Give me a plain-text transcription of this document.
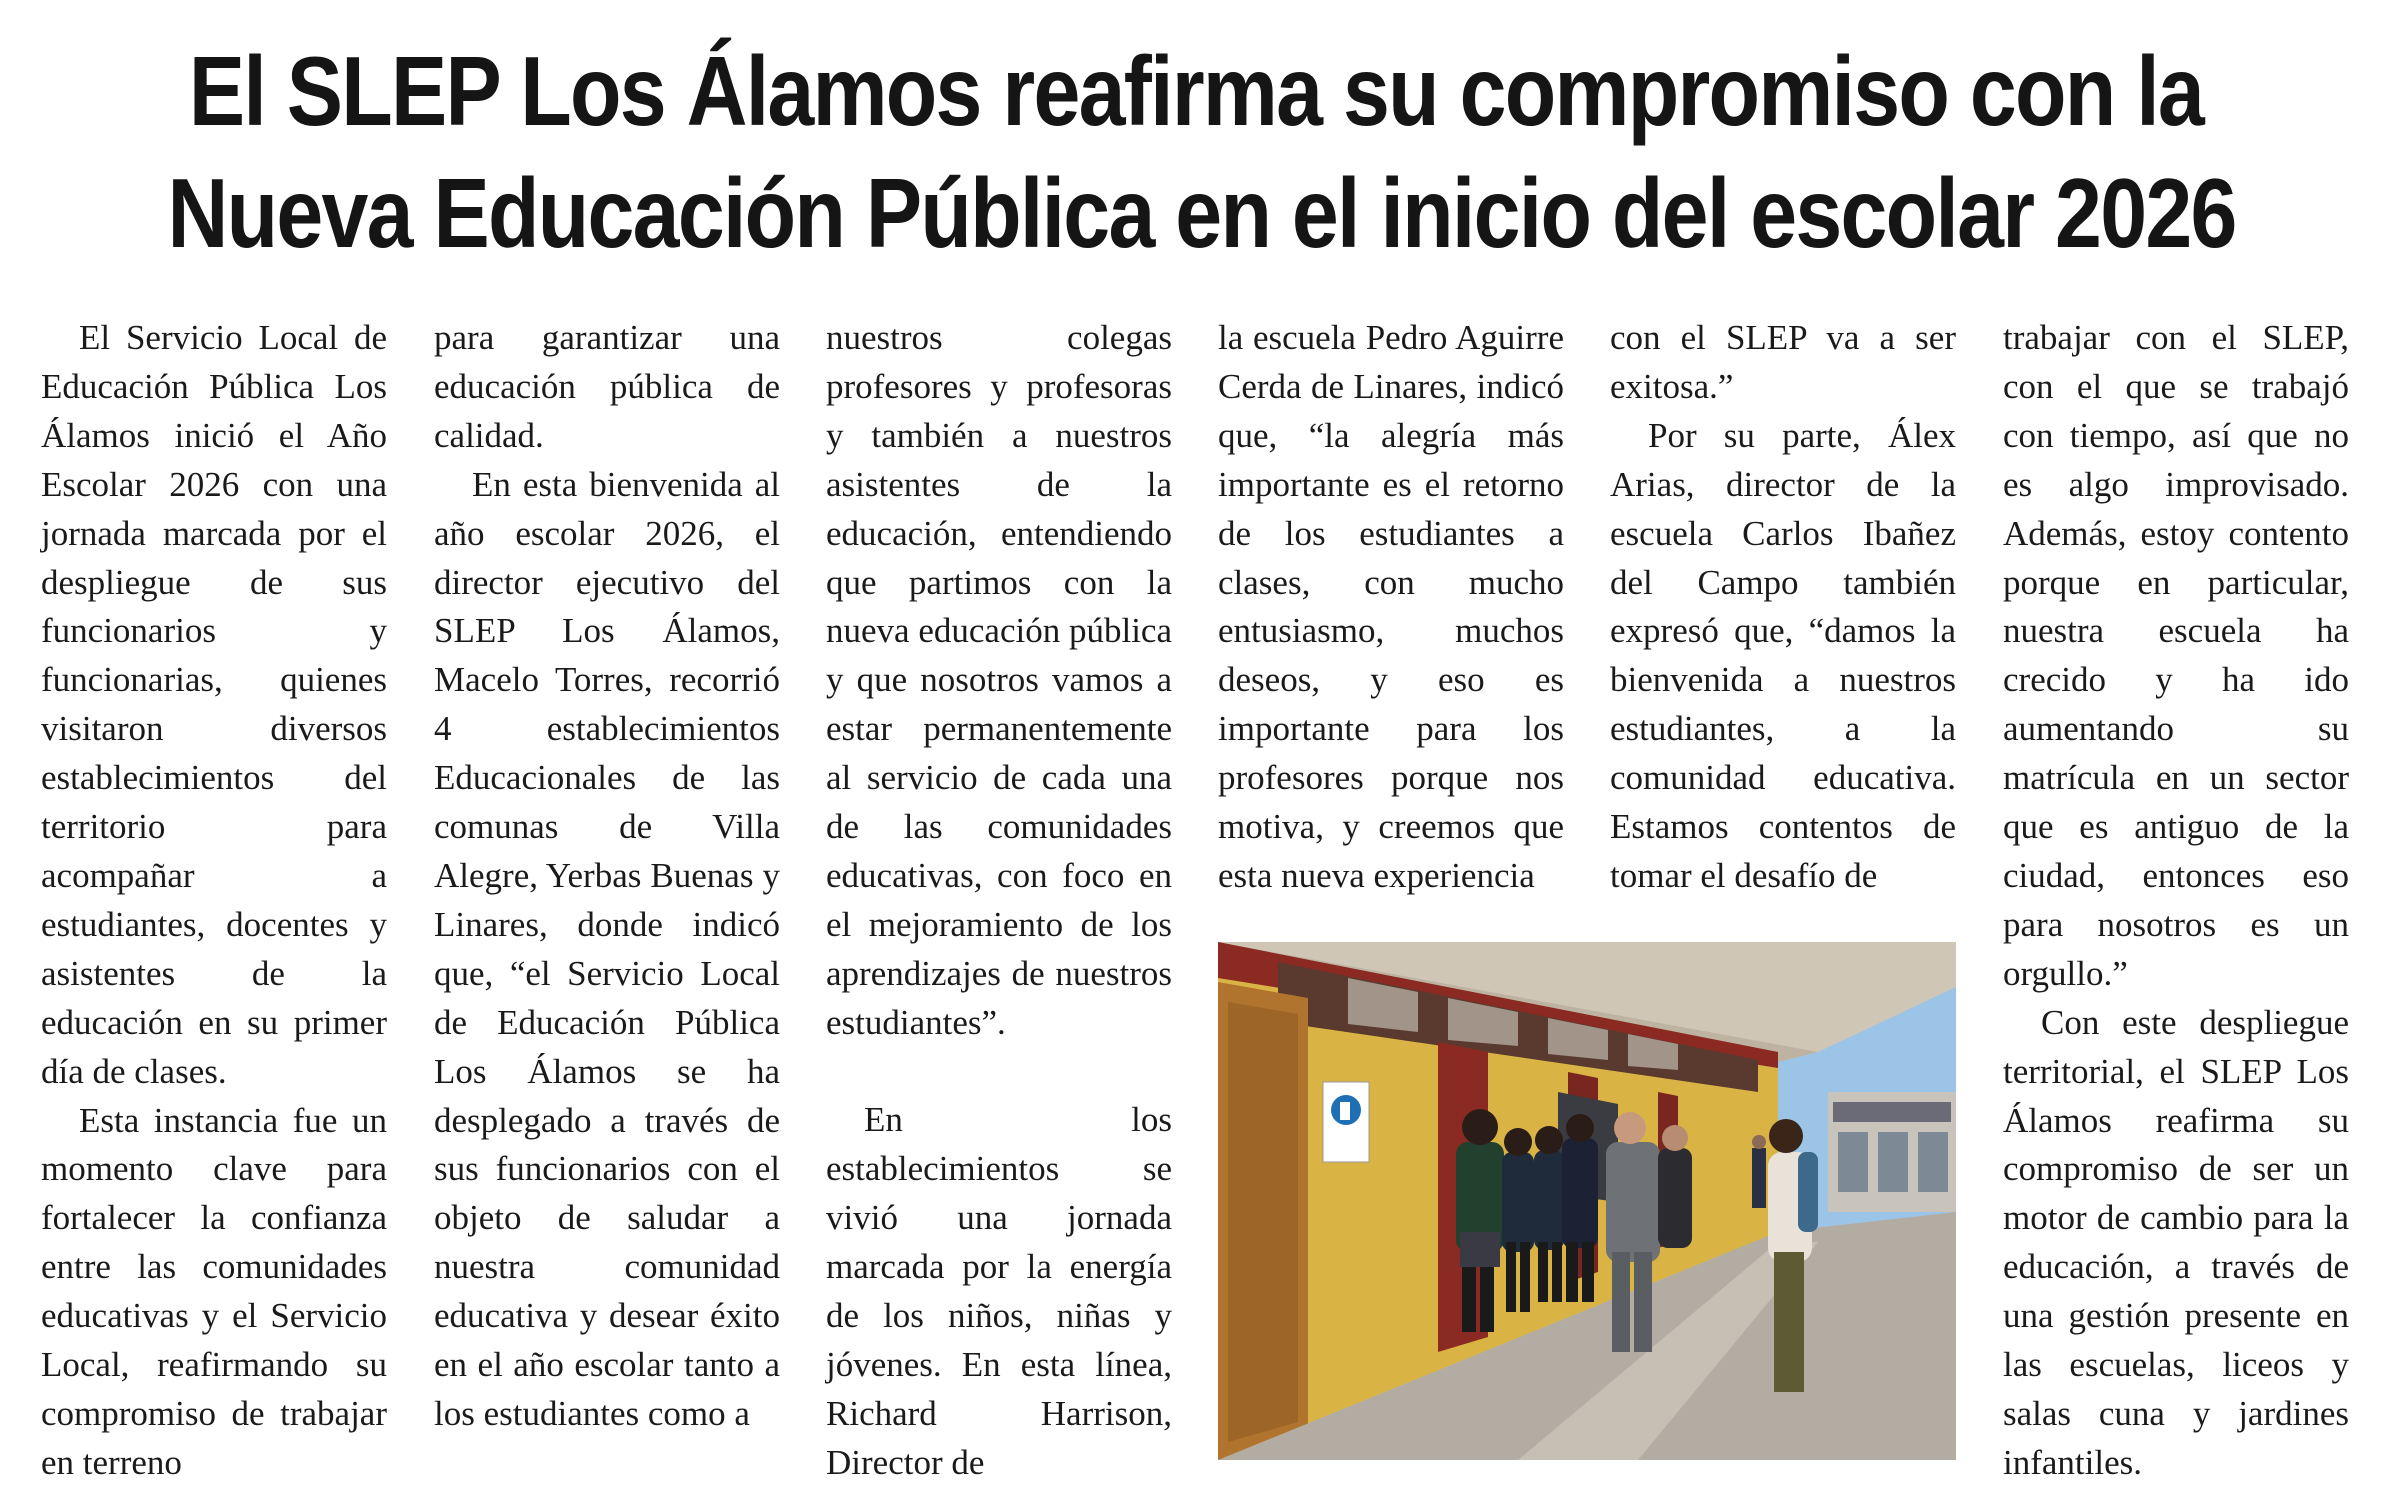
El SLEP Los Álamos reafirma su compromiso con la
Nueva Educación Pública en el inicio del escolar 2026

El Servicio Local de Educación Pública Los Álamos inició el Año Escolar 2026 con una jornada marcada por el despliegue de sus funcionarios y funcionarias, quienes visitaron diversos establecimientos del territorio para acompañar a estudiantes, docentes y asistentes de la educación en su primer día de clases.

Esta instancia fue un momento clave para fortalecer la confianza entre las comunidades educativas y el Servicio Local, reafirmando su compromiso de trabajar en terreno

para garantizar una educación pública de calidad.

En esta bienvenida al año escolar 2026, el director ejecutivo del SLEP Los Álamos, Macelo Torres, recorrió 4 establecimientos Educacionales de las comunas de Villa Alegre, Yerbas Buenas y Linares, donde indicó que, “el Servicio Local de Educación Pública Los Álamos se ha desplegado a través de sus funcionarios con el objeto de saludar a nuestra comunidad educativa y desear éxito en el año escolar tanto a los estudiantes como a

nuestros colegas profesores y profesoras y también a nuestros asistentes de la educación, entendiendo que partimos con la nueva educación pública y que nosotros vamos a estar permanentemente al servicio de cada una de las comunidades educativas, con foco en el mejoramiento de los aprendizajes de nuestros estudiantes”.

En los establecimientos se vivió una jornada marcada por la energía de los niños, niñas y jóvenes. En esta línea, Richard Harrison, Director de

la escuela Pedro Aguirre Cerda de Linares, indicó que, “la alegría más importante es el retorno de los estudiantes a clases, con mucho entusiasmo, muchos deseos, y eso es importante para los profesores porque nos motiva, y creemos que esta nueva experiencia

con el SLEP va a ser exitosa.”

Por su parte, Álex Arias, director de la escuela Carlos Ibañez del Campo también expresó que, “damos la bienvenida a nuestros estudiantes, a la comunidad educativa. Estamos contentos de tomar el desafío de

trabajar con el SLEP, con el que se trabajó con tiempo, así que no es algo improvisado. Además, estoy contento porque en particular, nuestra escuela ha crecido y ha ido aumentando su matrícula en un sector que es antiguo de la ciudad, entonces eso para nosotros es un orgullo.”

Con este despliegue territorial, el SLEP Los Álamos reafirma su compromiso de ser un motor de cambio para la educación, a través de una gestión presente en las escuelas, liceos y salas cuna y jardines infantiles.
